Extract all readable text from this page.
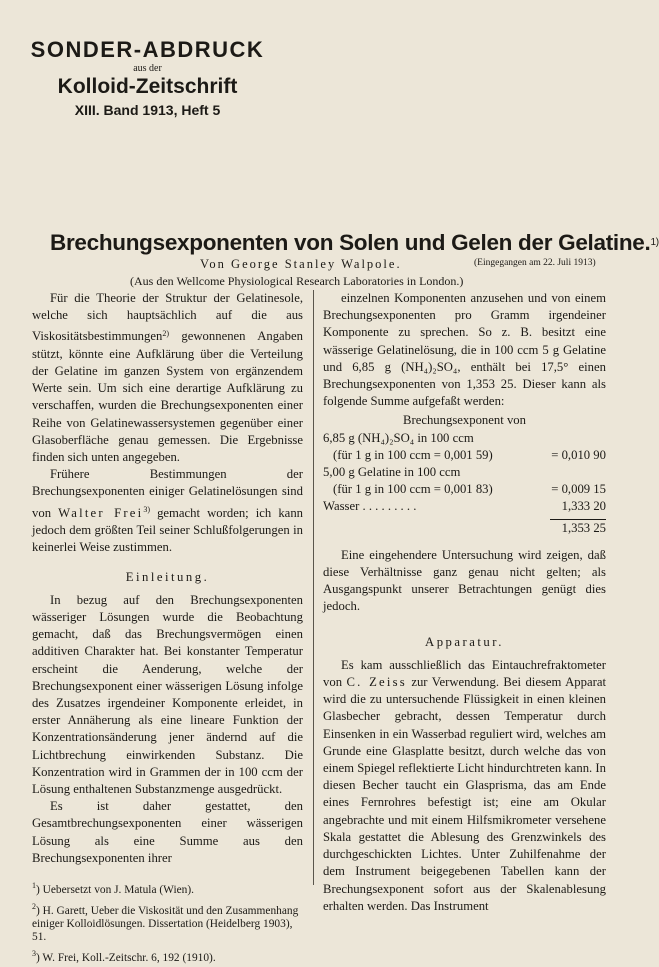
SONDER-ABDRUCK
aus der
Kolloid-Zeitschrift
XIII. Band 1913, Heft 5
Brechungsexponenten von Solen und Gelen der Gelatine.$^{1)}$
Von George Stanley Walpole.	(Eingegangen am 22. Juli 1913)
(Aus den Wellcome Physiological Research Laboratories in London.)

Für die Theorie der Struktur der Gelatinesole, welche sich hauptsächlich auf die aus Viskositätsbestimmungen$^{2)}$ gewonnenen Angaben stützt, könnte eine Aufklärung über die Verteilung der Gelatine im ganzen System von ergänzendem Werte sein. Um sich eine derartige Aufklärung zu verschaffen, wurden die Brechungsexponenten einer Reihe von Gelatinewassersystemen gegenüber einer Glasoberfläche genau gemessen. Die Ergebnisse finden sich unten angegeben.

Frühere Bestimmungen der Brechungsexponenten einiger Gelatinelösungen sind von Walter Frei$^{3)}$ gemacht worden; ich kann jedoch dem größten Teil seiner Schlußfolgerungen in keinerlei Weise zustimmen.

Einleitung.

In bezug auf den Brechungsexponenten wässeriger Lösungen wurde die Beobachtung gemacht, daß das Brechungsvermögen einen additiven Charakter hat. Bei konstanter Temperatur erscheint die Aenderung, welche der Brechungsexponent einer wässerigen Lösung infolge des Zusatzes irgendeiner Komponente erleidet, in erster Annäherung als eine lineare Funktion der Konzentrationsänderung jener ändernd auf die Lichtbrechung einwirkenden Substanz. Die Konzentration wird in Grammen der in 100 ccm der Lösung enthaltenen Substanzmenge ausgedrückt.

Es ist daher gestattet, den Gesamtbrechungsexponenten einer wässerigen Lösung als eine Summe aus den Brechungsexponenten ihrer

$^1$) Uebersetzt von J. Matula (Wien).

$^2$) H. Garett, Ueber die Viskosität und den Zusammenhang einiger Kolloidlösungen. Dissertation (Heidelberg 1903), 51.

$^3$) W. Frei, Koll.-Zeitschr. 6, 192 (1910).

einzelnen Komponenten anzusehen und von einem Brechungsexponenten pro Gramm irgendeiner Komponente zu sprechen. So z. B. besitzt eine wässerige Gelatinelösung, die in 100 ccm 5 g Gelatine und 6,85 g (NH₄)₂SO₄, enthält bei 17,5° einen Brechungsexponenten von 1,353 25. Dieser kann als folgende Summe aufgefaßt werden:

Brechungsexponent von
6,85 g (NH₄)₂SO₄ in 100 ccm
(für 1 g in 100 ccm = 0,001 59)	= 0,010 90
5,00 g Gelatine in 100 ccm
(für 1 g in 100 ccm = 0,001 83)	= 0,009 15
Wasser . . . . . . . . .	1,333 20
1,353 25

Eine eingehendere Untersuchung wird zeigen, daß diese Verhältnisse ganz genau nicht gelten; als Ausgangspunkt unserer Betrachtungen genügt dies jedoch.

Apparatur.

Es kam ausschließlich das Eintauchrefraktometer von C. Zeiss zur Verwendung. Bei diesem Apparat wird die zu untersuchende Flüssigkeit in einen kleinen Glasbecher gebracht, dessen Temperatur durch Einsenken in ein Wasserbad reguliert wird, welches am Grunde eine Glasplatte besitzt, durch welche das von einem Spiegel reflektierte Licht hindurchtreten kann. In diesen Becher taucht ein Glasprisma, das am Ende eines Fernrohres befestigt ist; eine am Okular angebrachte und mit einem Hilfsmikrometer versehene Skala gestattet die Ablesung des Grenzwinkels des durchgeschickten Lichtes. Unter Zuhilfenahme der dem Instrument beigegebenen Tabellen kann der Brechungsexponent sofort aus der Skalenablesung erhalten werden. Das Instrument
